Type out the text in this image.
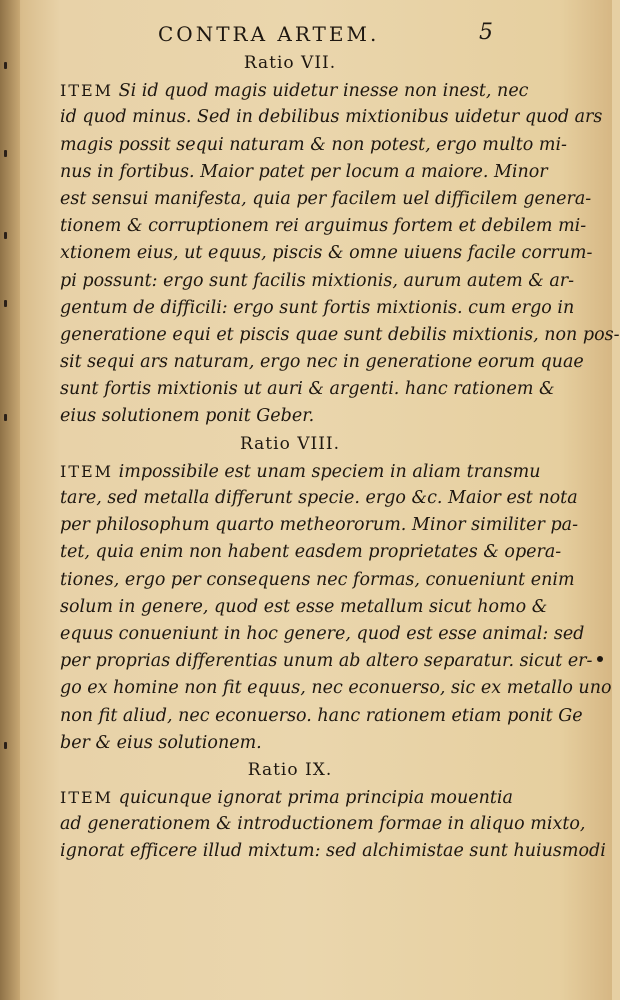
CONTRA ARTEM.	5
Ratio VII.
ITEM Si id quod magis uidetur inesse non inest, nec
id quod minus. Sed in debilibus mixtionibus uidetur quod ars
magis possit sequi naturam & non potest, ergo multo mi-
nus in fortibus. Maior patet per locum a maiore. Minor
est sensui manifesta, quia per facilem uel difficilem genera-
tionem & corruptionem rei arguimus fortem et debilem mi-
xtionem eius, ut equus, piscis & omne uiuens facile corrum-
pi possunt: ergo sunt facilis mixtionis, aurum autem & ar-
gentum de difficili: ergo sunt fortis mixtionis. cum ergo in
generatione equi et piscis quae sunt debilis mixtionis, non pos-
sit sequi ars naturam, ergo nec in generatione eorum quae
sunt fortis mixtionis ut auri & argenti. hanc rationem &
eius solutionem ponit Geber.
Ratio VIII.
ITEM impossibile est unam speciem in aliam transmu
tare, sed metalla differunt specie. ergo &c. Maior est nota
per philosophum quarto metheororum. Minor similiter pa-
tet, quia enim non habent easdem proprietates & opera-
tiones, ergo per consequens nec formas, conueniunt enim
solum in genere, quod est esse metallum sicut homo &
equus conueniunt in hoc genere, quod est esse animal: sed
per proprias differentias unum ab altero separatur. sicut er-
go ex homine non fit equus, nec econuerso, sic ex metallo uno
non fit aliud, nec econuerso. hanc rationem etiam ponit Ge
ber & eius solutionem.
Ratio IX.
ITEM quicunque ignorat prima principia mouentia
ad generationem & introductionem formae in aliquo mixto,
ignorat efficere illud mixtum: sed alchimistae sunt huiusmodi
